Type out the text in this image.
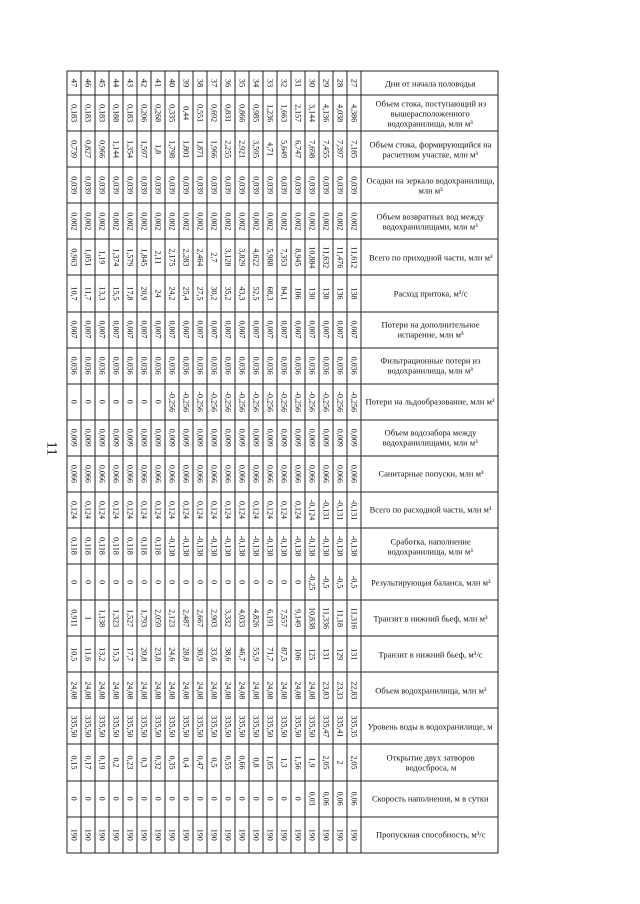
11
Дни от начала половодья	Объем стока, поступающий из вышерасположенного водохранилища, млн м³	Объем стока, формирующийся на расчетном участке, млн м³	Осадки на зеркало водохранилища, млн м³	Объем возвратных вод между водохранилищами, млн м³	Всего по приходной части, млн м³	Расход притока, м³/с	Потери на дополнительное испарение, млн м³	Фильтрационные потери из водохранилища, млн м³	Потери на льдообразование, млн м³	Объем водозабора между водохранилищами, млн м³	Санитарные попуски, млн м³	Всего по расходной части, млн м³	Сработка, наполнение водохранилища, млн м³	Результирующая балансa, млн м³	Транзит в нижний бьеф, млн м³	Транзит в нижний бьеф, м³/с	Объем водохранилища, млн м³	Уровень воды в водохранилище, м	Открытие двух затворов водосброса, м	Скорость наполнения, м в сутки	Пропускная способность, м³/с
27	4,386	7,185	0,039	0,002	11,612	138	0,007	0,036	-0,256	0,009	0,066	-0,131	-0,138	-0,5	11,316	131	22,83	335,35	2,05	0,06	190
28	4,038	7,397	0,039	0,002	11,476	136	0,007	0,036	-0,256	0,009	0,066	-0,131	-0,138	-0,5	11,18	129	23,33	335,41	2	0,06	190
29	4,136	7,455	0,039	0,002	11,632	138	0,007	0,036	-0,256	0,009	0,066	-0,131	-0,138	-0,5	11,336	131	23,83	335,47	2,05	0,06	190
30	3,144	7,698	0,039	0,002	10,884	130	0,007	0,036	-0,256	0,009	0,066	-0,124	-0,138	-0,25	10,838	125	24,08	335,50	1,9	0,03	190
31	2,157	6,747	0,039	0,002	8,945	106	0,007	0,036	-0,256	0,009	0,066	0,124	-0,138	0	9,149	106	24,08	335,50	1,56	0	190
32	1,663	5,649	0,039	0,002	7,353	84,1	0,007	0,036	-0,256	0,009	0,066	0,124	-0,138	0	7,557	87,5	24,08	335,50	1,3	0	190
33	1,236	4,71	0,039	0,002	5,988	68,3	0,007	0,036	-0,256	0,009	0,066	0,124	-0,138	0	6,191	71,7	24,08	335,50	1,05	0	190
34	0,985	3,595	0,039	0,002	4,622	52,5	0,007	0,036	-0,256	0,009	0,066	0,124	-0,138	0	4,826	55,9	24,08	335,50	0,8	0	190
35	0,866	2,921	0,039	0,002	3,829	43,3	0,007	0,036	-0,256	0,009	0,066	0,124	-0,138	0	4,033	46,7	24,08	335,50	0,66	0	190
36	0,831	2,255	0,039	0,002	3,128	35,2	0,007	0,036	-0,256	0,009	0,066	0,124	-0,138	0	3,332	38,6	24,08	335,50	0,55	0	190
37	0,692	1,966	0,039	0,002	2,7	30,2	0,007	0,036	-0,256	0,009	0,066	0,124	-0,138	0	2,903	33,6	24,08	335,50	0,5	0	190
38	0,551	1,871	0,039	0,002	2,464	27,5	0,007	0,036	-0,256	0,009	0,066	0,124	-0,138	0	2,667	30,9	24,08	335,50	0,47	0	190
39	0,44	1,801	0,039	0,002	2,283	25,4	0,007	0,036	-0,256	0,009	0,066	0,124	-0,138	0	2,487	28,8	24,08	335,50	0,4	0	190
40	0,335	1,798	0,039	0,002	2,175	24,2	0,007	0,036	-0,256	0,009	0,066	0,124	-0,138	0	2,123	24,6	24,08	335,50	0,35	0	190
41	0,268	1,8	0,039	0,002	2,11	24	0,007	0,036	0	0,009	0,066	0,124	0,118	0	2,059	23,8	24,08	335,50	0,32	0	190
42	0,206	1,597	0,039	0,002	1,845	20,9	0,007	0,036	0	0,009	0,066	0,124	0,118	0	1,793	20,8	24,08	335,50	0,3	0	190
43	0,183	1,354	0,039	0,002	1,579	17,8	0,007	0,036	0	0,009	0,066	0,124	0,118	0	1,527	17,7	24,08	335,50	0,23	0	190
44	0,188	1,144	0,039	0,002	1,374	15,5	0,007	0,036	0	0,009	0,066	0,124	0,118	0	1,323	15,3	24,08	335,50	0,2	0	190
45	0,183	0,966	0,039	0,002	1,19	13,3	0,007	0,036	0	0,009	0,066	0,124	0,118	0	1,138	13,2	24,08	335,50	0,19	0	190
46	0,183	0,827	0,039	0,002	1,051	11,7	0,007	0,036	0	0,009	0,066	0,124	0,118	0	1	11,6	24,08	335,50	0,17	0	190
47	0,183	0,739	0,039	0,002	0,963	10,7	0,007	0,036	0	0,009	0,066	0,124	0,118	0	0,911	10,5	24,08	335,50	0,15	0	190
